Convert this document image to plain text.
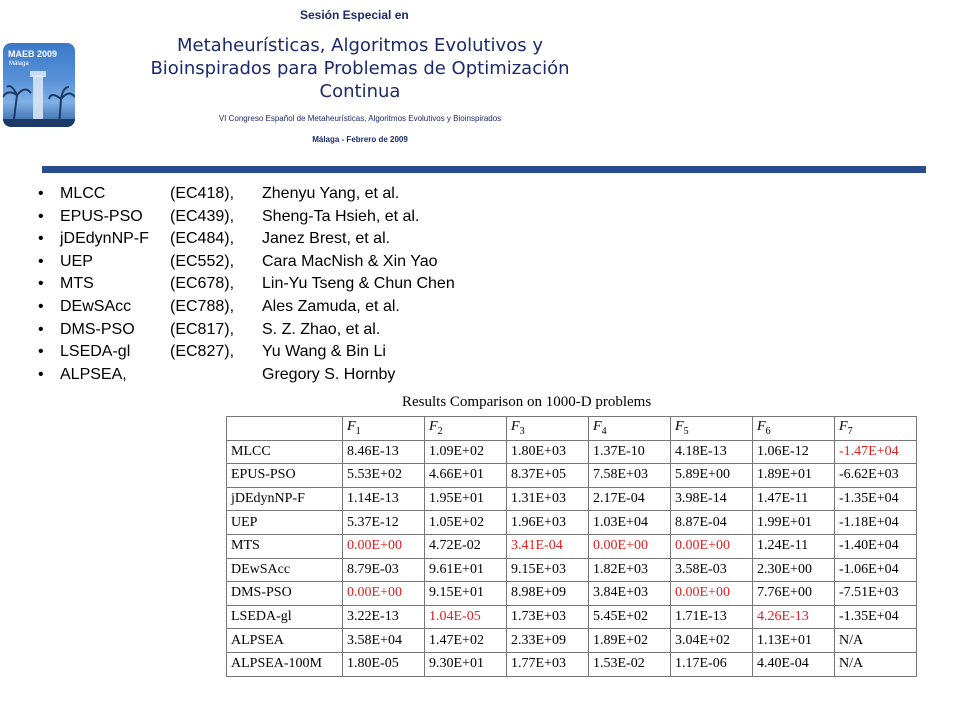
MAEB 2009
Málaga
Sesión Especial en
Metaheurísticas, Algoritmos Evolutivos y
Bioinspirados para Problemas de Optimización
Continua
VI Congreso Español de Metaheurísticas, Algoritmos Evolutivos y Bioinspirados
Málaga - Febrero de 2009
• MLCC	(EC418), Zhenyu Yang, et al.
• EPUS-PSO (EC439), Sheng-Ta Hsieh, et al.
• jDEdynNP-F (EC484), Janez Brest, et al.
• UEP	(EC552), Cara MacNish & Xin Yao
• MTS	(EC678), Lin-Yu Tseng & Chun Chen
• DEwSAcc (EC788), Ales Zamuda, et al.
• DMS-PSO (EC817), S. Z. Zhao, et al.
• LSEDA-gl (EC827), Yu Wang & Bin Li
• ALPSEA,	Gregory S. Hornby
Results Comparison on 1000-D problems
	$F_1$	$F_2$	$F_3$	$F_4$	$F_5$	$F_6$	$F_7$
MLCC	8.46E-13	1.09E+02	1.80E+03	1.37E-10	4.18E-13	1.06E-12	-1.47E+04
EPUS-PSO	5.53E+02	4.66E+01	8.37E+05	7.58E+03	5.89E+00	1.89E+01	-6.62E+03
jDEdynNP-F	1.14E-13	1.95E+01	1.31E+03	2.17E-04	3.98E-14	1.47E-11	-1.35E+04
UEP	5.37E-12	1.05E+02	1.96E+03	1.03E+04	8.87E-04	1.99E+01	-1.18E+04
MTS	0.00E+00	4.72E-02	3.41E-04	0.00E+00	0.00E+00	1.24E-11	-1.40E+04
DEwSAcc	8.79E-03	9.61E+01	9.15E+03	1.82E+03	3.58E-03	2.30E+00	-1.06E+04
DMS-PSO	0.00E+00	9.15E+01	8.98E+09	3.84E+03	0.00E+00	7.76E+00	-7.51E+03
LSEDA-gl	3.22E-13	1.04E-05	1.73E+03	5.45E+02	1.71E-13	4.26E-13	-1.35E+04
ALPSEA	3.58E+04	1.47E+02	2.33E+09	1.89E+02	3.04E+02	1.13E+01	N/A
ALPSEA-100M	1.80E-05	9.30E+01	1.77E+03	1.53E-02	1.17E-06	4.40E-04	N/A
